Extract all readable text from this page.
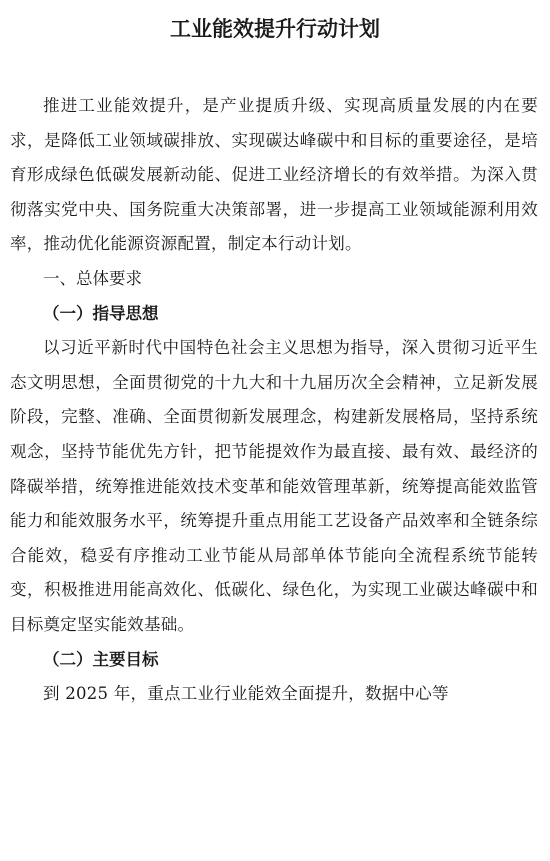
工业能效提升行动计划

推进工业能效提升，是产业提质升级、实现高质量发展的内在要求，是降低工业领域碳排放、实现碳达峰碳中和目标的重要途径，是培育形成绿色低碳发展新动能、促进工业经济增长的有效举措。为深入贯彻落实党中央、国务院重大决策部署，进一步提高工业领域能源利用效率，推动优化能源资源配置，制定本行动计划。

一、总体要求

（一）指导思想

以习近平新时代中国特色社会主义思想为指导，深入贯彻习近平生态文明思想，全面贯彻党的十九大和十九届历次全会精神，立足新发展阶段，完整、准确、全面贯彻新发展理念，构建新发展格局，坚持系统观念，坚持节能优先方针，把节能提效作为最直接、最有效、最经济的降碳举措，统筹推进能效技术变革和能效管理革新，统筹提高能效监管能力和能效服务水平，统筹提升重点用能工艺设备产品效率和全链条综合能效，稳妥有序推动工业节能从局部单体节能向全流程系统节能转变，积极推进用能高效化、低碳化、绿色化，为实现工业碳达峰碳中和目标奠定坚实能效基础。

（二）主要目标

到 2025 年，重点工业行业能效全面提升，数据中心等
